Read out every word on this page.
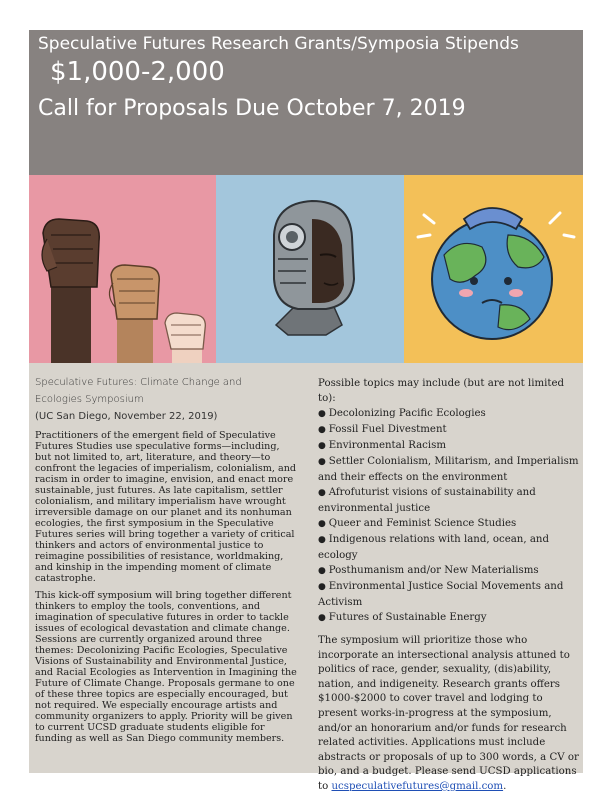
Speculative Futures Research Grants/Symposia Stipends
$1,000-2,000
Call for Proposals Due October 7, 2019
Speculative Futures: Climate Change and
Ecologies Symposium
(UC San Diego, November 22, 2019)

Practitioners of the emergent field of Speculative Futures Studies use speculative forms—including, but not limited to, art, literature, and theory—to confront the legacies of imperialism, colonialism, and racism in order to imagine, envision, and enact more sustainable, just futures. As late capitalism, settler colonialism, and military imperialism have wrought irreversible damage on our planet and its nonhuman ecologies, the first symposium in the Speculative Futures series will bring together a variety of critical thinkers and actors of environmental justice to reimagine possibilities of resistance, worldmaking, and kinship in the impending moment of climate catastrophe.

This kick-off symposium will bring together different thinkers to employ the tools, conventions, and imagination of speculative futures in order to tackle issues of ecological devastation and climate change. Sessions are currently organized around three themes: Decolonizing Pacific Ecologies, Speculative Visions of Sustainability and Environmental Justice, and Racial Ecologies as Intervention in Imagining the Future of Climate Change. Proposals germane to one of these three topics are especially encouraged, but not required. We especially encourage artists and community organizers to apply. Priority will be given to current UCSD graduate students eligible for funding as well as San Diego community members.

Possible topics may include (but are not limited to):
● Decolonizing Pacific Ecologies
● Fossil Fuel Divestment
● Environmental Racism
● Settler Colonialism, Militarism, and Imperialism and their effects on the environment
● Afrofuturist visions of sustainability and environmental justice
● Queer and Feminist Science Studies
● Indigenous relations with land, ocean, and ecology
● Posthumanism and/or New Materialisms
● Environmental Justice Social Movements and Activism
● Futures of Sustainable Energy

The symposium will prioritize those who incorporate an intersectional analysis attuned to politics of race, gender, sexuality, (dis)ability, nation, and indigeneity. Research grants offers $1000-$2000 to cover travel and lodging to present works-in-progress at the symposium, and/or an honorarium and/or funds for research related activities. Applications must include abstracts or proposals of up to 300 words, a CV or bio, and a budget. Please send UCSD applications to ucspeculativefutures@gmail.com.
